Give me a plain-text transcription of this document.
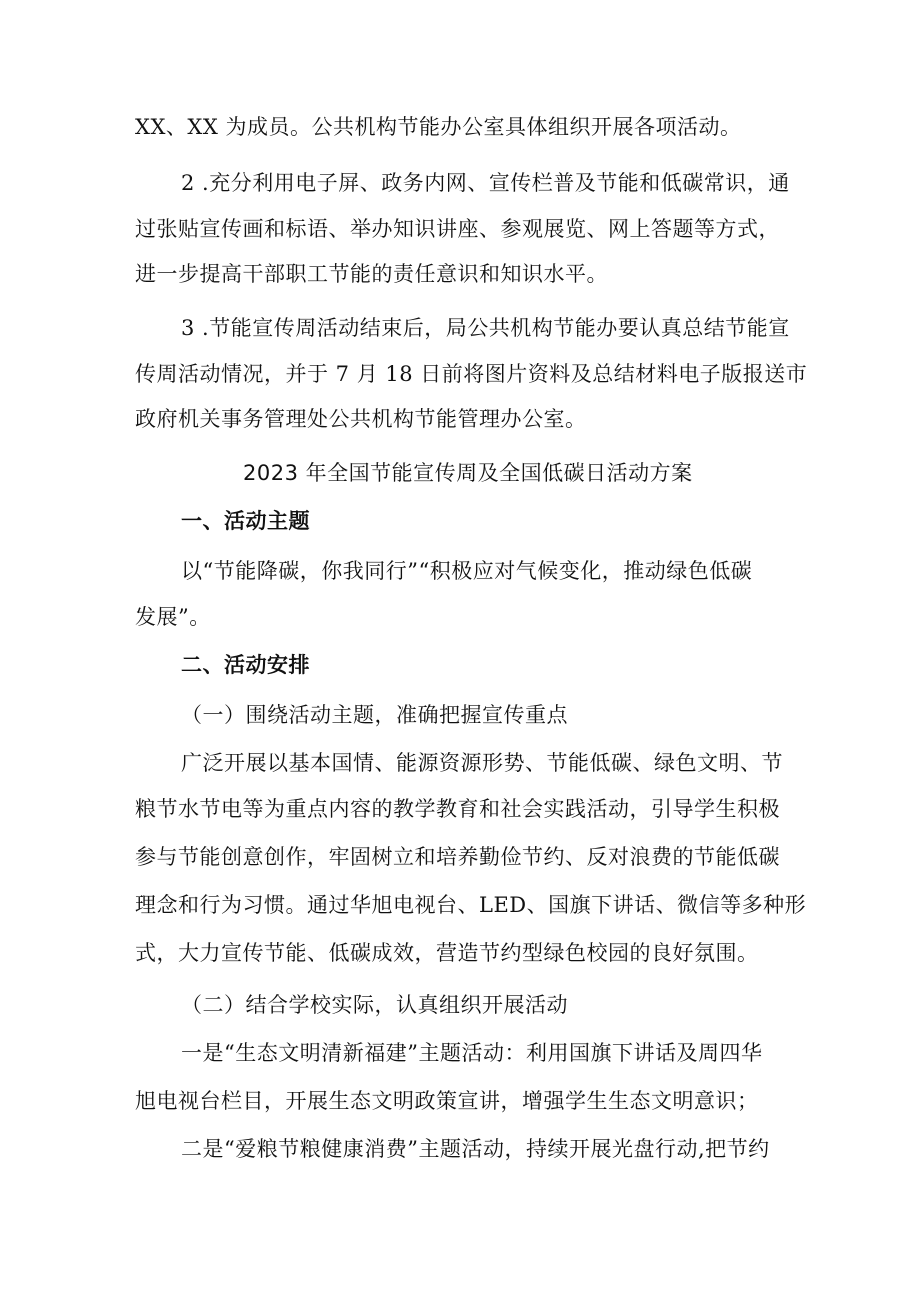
XX、XX 为成员。公共机构节能办公室具体组织开展各项活动。
2 .充分利用电子屏、政务内网、宣传栏普及节能和低碳常识，通
过张贴宣传画和标语、举办知识讲座、参观展览、网上答题等方式，
进一步提高干部职工节能的责任意识和知识水平。
3 .节能宣传周活动结束后，局公共机构节能办要认真总结节能宣
传周活动情况，并于 7 月 18 日前将图片资料及总结材料电子版报送市
政府机关事务管理处公共机构节能管理办公室。
2023 年全国节能宣传周及全国低碳日活动方案
一、活动主题
以“节能降碳，你我同行”“积极应对气候变化，推动绿色低碳
发展”。
二、活动安排
（一）围绕活动主题，准确把握宣传重点
广泛开展以基本国情、能源资源形势、节能低碳、绿色文明、节
粮节水节电等为重点内容的教学教育和社会实践活动，引导学生积极
参与节能创意创作，牢固树立和培养勤俭节约、反对浪费的节能低碳
理念和行为习惯。通过华旭电视台、LED、国旗下讲话、微信等多种形
式，大力宣传节能、低碳成效，营造节约型绿色校园的良好氛围。
（二）结合学校实际，认真组织开展活动
一是“生态文明清新福建”主题活动：利用国旗下讲话及周四华
旭电视台栏目，开展生态文明政策宣讲，增强学生生态文明意识；
二是“爱粮节粮健康消费”主题活动，持续开展光盘行动,把节约
